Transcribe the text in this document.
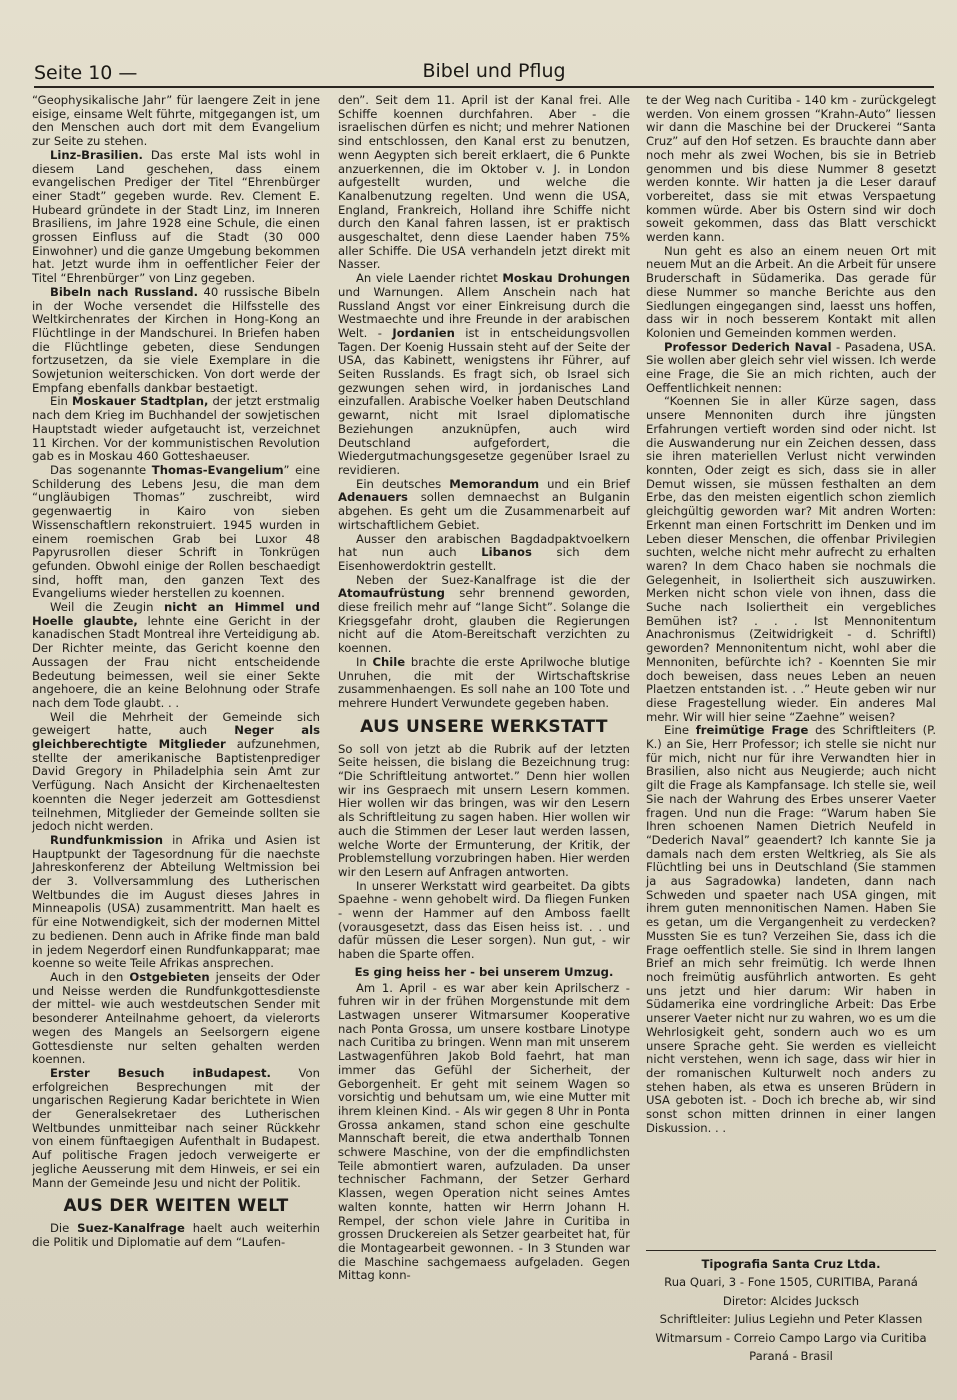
Seite 10 —	Bibel und Pflug

“Geophysikalische Jahr” für laengere Zeit in jene eisige, einsame Welt führte, mitgegangen ist, um den Menschen auch dort mit dem Evangelium zur Seite zu stehen.

Linz-Brasilien. Das erste Mal ists wohl in diesem Land geschehen, dass einem evangelischen Prediger der Titel “Ehrenbürger einer Stadt” gegeben wurde. Rev. Clement E. Hubeard gründete in der Stadt Linz, im Inneren Brasiliens, im Jahre 1928 eine Schule, die einen grossen Einfluss auf die Stadt (30 000 Einwohner) und die ganze Umgebung bekommen hat. Jetzt wurde ihm in oeffentlicher Feier der Titel “Ehrenbürger” von Linz gegeben.

Bibeln nach Russland. 40 russische Bibeln in der Woche versendet die Hilfsstelle des Weltkirchenrates der Kirchen in Hong-Kong an Flüchtlinge in der Mandschurei. In Briefen haben die Flüchtlinge gebeten, diese Sendungen fortzusetzen, da sie viele Exemplare in die Sowjetunion weiterschicken. Von dort werde der Empfang ebenfalls dankbar bestaetigt.

Ein Moskauer Stadtplan, der jetzt erstmalig nach dem Krieg im Buchhandel der sowjetischen Hauptstadt wieder aufgetaucht ist, verzeichnet 11 Kirchen. Vor der kommunistischen Revolution gab es in Moskau 460 Gotteshaeuser.

Das sogenannte Thomas-Evangelium” eine Schilderung des Lebens Jesu, die man dem “ungläubigen Thomas” zuschreibt, wird gegenwaertig in Kairo von sieben Wissenschaftlern rekonstruiert. 1945 wurden in einem roemischen Grab bei Luxor 48 Papyrusrollen dieser Schrift in Tonkrügen gefunden. Obwohl einige der Rollen beschaedigt sind, hofft man, den ganzen Text des Evangeliums wieder herstellen zu koennen.

Weil die Zeugin nicht an Himmel und Hoelle glaubte, lehnte eine Gericht in der kanadischen Stadt Montreal ihre Verteidigung ab. Der Richter meinte, das Gericht koenne den Aussagen der Frau nicht entscheidende Bedeutung beimessen, weil sie einer Sekte angehoere, die an keine Belohnung oder Strafe nach dem Tode glaubt. . .

Weil die Mehrheit der Gemeinde sich geweigert hatte, auch Neger als gleichberechtigte Mitglieder aufzunehmen, stellte der amerikanische Baptistenprediger David Gregory in Philadelphia sein Amt zur Verfügung. Nach Ansicht der Kirchenaeltesten koennten die Neger jederzeit am Gottesdienst teilnehmen, Mitglieder der Gemeinde sollten sie jedoch nicht werden.

Rundfunkmission in Afrika und Asien ist Hauptpunkt der Tagesordnung für die naechste Jahreskonferenz der Abteilung Weltmission bei der 3. Vollversammlung des Lutherischen Weltbundes die im August dieses Jahres in Minneapolis (USA) zusammentritt. Man haelt es für eine Notwendigkeit, sich der modernen Mittel zu bedienen. Denn auch in Afrike finde man bald in jedem Negerdorf einen Rundfunkapparat; mae koenne so weite Teile Afrikas ansprechen.

Auch in den Ostgebieten jenseits der Oder und Neisse werden die Rundfunkgottesdienste der mittel- wie auch westdeutschen Sender mit besonderer Anteilnahme gehoert, da vielerorts wegen des Mangels an Seelsorgern eigene Gottesdienste nur selten gehalten werden koennen.

Erster Besuch inBudapest. Von erfolgreichen Besprechungen mit der ungarischen Regierung Kadar berichtete in Wien der Generalsekretaer des Lutherischen Weltbundes unmitteibar nach seiner Rückkehr von einem fünftaegigen Aufenthalt in Budapest. Auf politische Fragen jedoch verweigerte er jegliche Aeusserung mit dem Hinweis, er sei ein Mann der Gemeinde Jesu und nicht der Politik.

AUS DER WEITEN WELT

Die Suez-Kanalfrage haelt auch weiterhin die Politik und Diplomatie auf dem “Laufen-

den”. Seit dem 11. April ist der Kanal frei. Alle Schiffe koennen durchfahren. Aber - die israelischen dürfen es nicht; und mehrer Nationen sind entschlossen, den Kanal erst zu benutzen, wenn Aegypten sich bereit erklaert, die 6 Punkte anzuerkennen, die im Oktober v. J. in London aufgestellt wurden, und welche die Kanalbenutzung regelten. Und wenn die USA, England, Frankreich, Holland ihre Schiffe nicht durch den Kanal fahren lassen, ist er praktisch ausgeschaltet, denn diese Laender haben 75% aller Schiffe. Die USA verhandeln jetzt direkt mit Nasser.

An viele Laender richtet Moskau Drohungen und Warnungen. Allem Anschein nach hat Russland Angst vor einer Einkreisung durch die Westmaechte und ihre Freunde in der arabischen Welt. - Jordanien ist in entscheidungsvollen Tagen. Der Koenig Hussain steht auf der Seite der USA, das Kabinett, wenigstens ihr Führer, auf Seiten Russlands. Es fragt sich, ob Israel sich gezwungen sehen wird, in jordanisches Land einzufallen. Arabische Voelker haben Deutschland gewarnt, nicht mit Israel diplomatische Beziehungen anzuknüpfen, auch wird Deutschland aufgefordert, die Wiedergutmachungsgesetze gegenüber Israel zu revidieren.

Ein deutsches Memorandum und ein Brief Adenauers sollen demnaechst an Bulganin abgehen. Es geht um die Zusammenarbeit auf wirtschaftlichem Gebiet.

Ausser den arabischen Bagdadpaktvoelkern hat nun auch Libanos sich dem Eisenhowerdoktrin gestellt.

Neben der Suez-Kanalfrage ist die der Atomaufrüstung sehr brennend geworden, diese freilich mehr auf “lange Sicht”. Solange die Kriegsgefahr droht, glauben die Regierungen nicht auf die Atom-Bereitschaft verzichten zu koennen.

In Chile brachte die erste Aprilwoche blutige Unruhen, die mit der Wirtschaftskrise zusammenhaengen. Es soll nahe an 100 Tote und mehrere Hundert Verwundete gegeben haben.

AUS UNSERE WERKSTATT

So soll von jetzt ab die Rubrik auf der letzten Seite heissen, die bislang die Bezeichnung trug: “Die Schriftleitung antwortet.” Denn hier wollen wir ins Gespraech mit unsern Lesern kommen. Hier wollen wir das bringen, was wir den Lesern als Schriftleitung zu sagen haben. Hier wollen wir auch die Stimmen der Leser laut werden lassen, welche Worte der Ermunterung, der Kritik, der Problemstellung vorzubringen haben. Hier werden wir den Lesern auf Anfragen antworten.

In unserer Werkstatt wird gearbeitet. Da gibts Spaehne - wenn gehobelt wird. Da fliegen Funken - wenn der Hammer auf den Amboss faellt (vorausgesetzt, dass das Eisen heiss ist. . . und dafür müssen die Leser sorgen). Nun gut, - wir haben die Sparte offen.

Es ging heiss her - bei unserem Umzug.

Am 1. April - es war aber kein Aprilscherz - fuhren wir in der frühen Morgenstunde mit dem Lastwagen unserer Witmarsumer Kooperative nach Ponta Grossa, um unsere kostbare Linotype nach Curitiba zu bringen. Wenn man mit unserem Lastwagenführen Jakob Bold faehrt, hat man immer das Gefühl der Sicherheit, der Geborgenheit. Er geht mit seinem Wagen so vorsichtig und behutsam um, wie eine Mutter mit ihrem kleinen Kind. - Als wir gegen 8 Uhr in Ponta Grossa ankamen, stand schon eine geschulte Mannschaft bereit, die etwa anderthalb Tonnen schwere Maschine, von der die empfindlichsten Teile abmontiert waren, aufzuladen. Da unser technischer Fachmann, der Setzer Gerhard Klassen, wegen Operation nicht seines Amtes walten konnte, hatten wir Herrn Johann H. Rempel, der schon viele Jahre in Curitiba in grossen Druckereien als Setzer gearbeitet hat, für die Montagearbeit gewonnen. - In 3 Stunden war die Maschine sachgemaess aufgeladen. Gegen Mittag konn-

te der Weg nach Curitiba - 140 km - zurückgelegt werden. Von einem grossen “Krahn-Auto” liessen wir dann die Maschine bei der Druckerei “Santa Cruz” auf den Hof setzen. Es brauchte dann aber noch mehr als zwei Wochen, bis sie in Betrieb genommen und bis diese Nummer 8 gesetzt werden konnte. Wir hatten ja die Leser darauf vorbereitet, dass sie mit etwas Verspaetung kommen würde. Aber bis Ostern sind wir doch soweit gekommen, dass das Blatt verschickt werden kann.

Nun geht es also an einem neuen Ort mit neuem Mut an die Arbeit. An die Arbeit für unsere Bruderschaft in Südamerika. Das gerade für diese Nummer so manche Berichte aus den Siedlungen eingegangen sind, laesst uns hoffen, dass wir in noch besserem Kontakt mit allen Kolonien und Gemeinden kommen werden.

Professor Dederich Naval - Pasadena, USA. Sie wollen aber gleich sehr viel wissen. Ich werde eine Frage, die Sie an mich richten, auch der Oeffentlichkeit nennen:

“Koennen Sie in aller Kürze sagen, dass unsere Mennoniten durch ihre jüngsten Erfahrungen vertieft worden sind oder nicht. Ist die Auswanderung nur ein Zeichen dessen, dass sie ihren materiellen Verlust nicht verwinden konnten, Oder zeigt es sich, dass sie in aller Demut wissen, sie müssen festhalten an dem Erbe, das den meisten eigentlich schon ziemlich gleichgültig geworden war? Mit andren Worten: Erkennt man einen Fortschritt im Denken und im Leben dieser Menschen, die offenbar Privilegien suchten, welche nicht mehr aufrecht zu erhalten waren? In dem Chaco haben sie nochmals die Gelegenheit, in Isoliertheit sich auszuwirken. Merken nicht schon viele von ihnen, dass die Suche nach Isoliertheit ein vergebliches Bemühen ist? . . . Ist Mennonitentum Anachronismus (Zeitwidrigkeit - d. Schriftl) geworden? Mennonitentum nicht, wohl aber die Mennoniten, befürchte ich? - Koennten Sie mir doch beweisen, dass neues Leben an neuen Plaetzen entstanden ist. . .” Heute geben wir nur diese Fragestellung wieder. Ein anderes Mal mehr. Wir will hier seine “Zaehne” weisen?

Eine freimütige Frage des Schriftleiters (P. K.) an Sie, Herr Professor; ich stelle sie nicht nur für mich, nicht nur für ihre Verwandten hier in Brasilien, also nicht aus Neugierde; auch nicht gilt die Frage als Kampfansage. Ich stelle sie, weil Sie nach der Wahrung des Erbes unserer Vaeter fragen. Und nun die Frage: “Warum haben Sie Ihren schoenen Namen Dietrich Neufeld in “Dederich Naval” geaendert? Ich kannte Sie ja damals nach dem ersten Weltkrieg, als Sie als Flüchtling bei uns in Deutschland (Sie stammen ja aus Sagradowka) landeten, dann nach Schweden und spaeter nach USA gingen, mit ihrem guten mennonitischen Namen. Haben Sie es getan, um die Vergangenheit zu verdecken? Mussten Sie es tun? Verzeihen Sie, dass ich die Frage oeffentlich stelle. Sie sind in Ihrem langen Brief an mich sehr freimütig. Ich werde Ihnen noch freimütig ausführlich antworten. Es geht uns jetzt und hier darum: Wir haben in Südamerika eine vordringliche Arbeit: Das Erbe unserer Vaeter nicht nur zu wahren, wo es um die Wehrlosigkeit geht, sondern auch wo es um unsere Sprache geht. Sie werden es vielleicht nicht verstehen, wenn ich sage, dass wir hier in der romanischen Kulturwelt noch anders zu stehen haben, als etwa es unseren Brüdern in USA geboten ist. - Doch ich breche ab, wir sind sonst schon mitten drinnen in einer langen Diskussion. . .

Tipografia Santa Cruz Ltda.
Rua Quari, 3 - Fone 1505, CURITIBA, Paraná
Diretor: Alcides Jucksch
Schriftleiter: Julius Legiehn und Peter Klassen
Witmarsum - Correio Campo Largo via Curitiba
Paraná - Brasil
